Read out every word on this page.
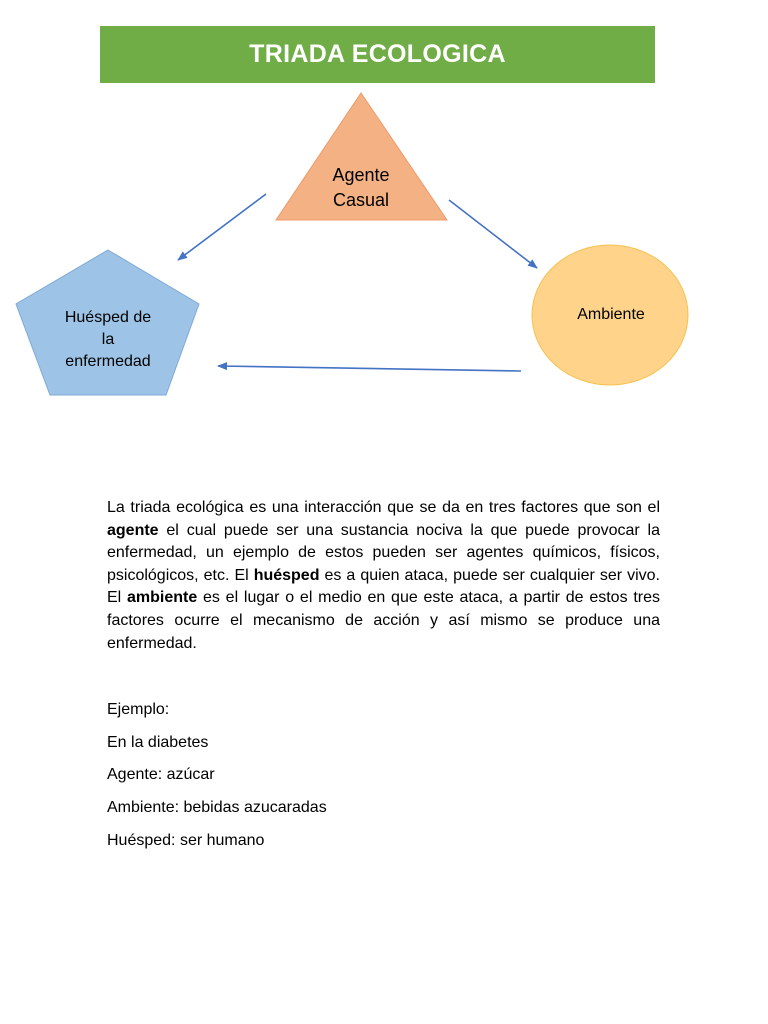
TRIADA ECOLOGICA
Agente
Casual
Huésped de
la
enfermedad
Ambiente
La triada ecológica es una interacción que se da en tres factores que son el agente el cual puede ser una sustancia nociva la que puede provocar la enfermedad, un ejemplo de estos pueden ser agentes químicos, físicos, psicológicos, etc. El huésped es a quien ataca, puede ser cualquier ser vivo. El ambiente es el lugar o el medio en que este ataca, a partir de estos tres factores ocurre el mecanismo de acción y así mismo se produce una enfermedad.
Ejemplo:
En la diabetes
Agente: azúcar
Ambiente: bebidas azucaradas
Huésped: ser humano
